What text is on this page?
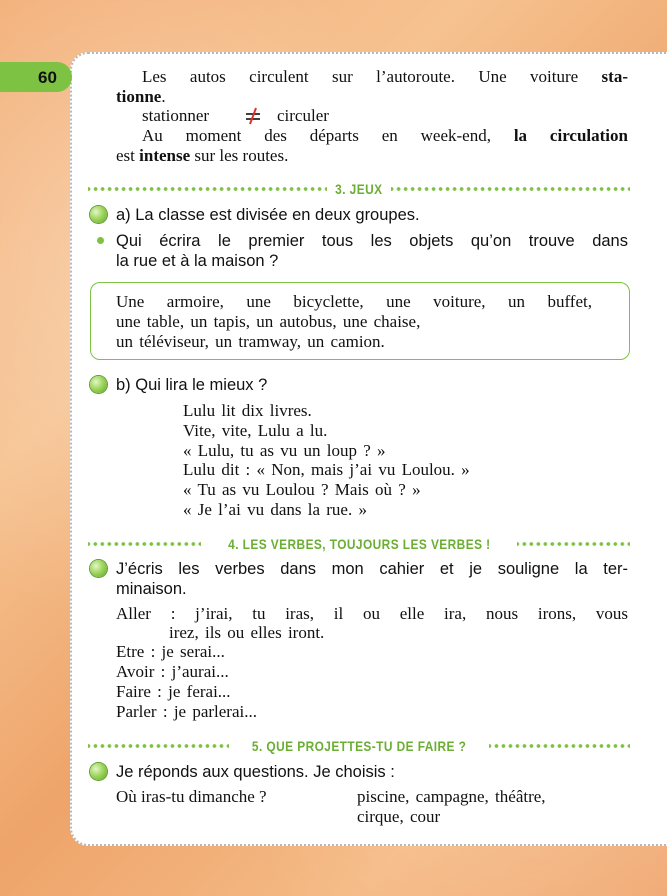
60	Les autos circulent sur l’autoroute. Une voiture sta-
tionne.
stationner	circuler
Au moment des départs en week-end, la circulation
est intense sur les routes.
3. JEUX
a) La classe est divisée en deux groupes.
Qui écrira le premier tous les objets qu’on trouve dans
la rue et à la maison ?
Une armoire, une bicyclette, une voiture, un buffet,
une table, un tapis, un autobus, une chaise,
un téléviseur, un tramway, un camion.
b) Qui lira le mieux ?
Lulu lit dix livres.
Vite, vite, Lulu a lu.
« Lulu, tu as vu un loup ? »
Lulu dit : « Non, mais j’ai vu Loulou. »
« Tu as vu Loulou ? Mais où ? »
« Je l’ai vu dans la rue. »
4. LES VERBES, TOUJOURS LES VERBES !
J’écris les verbes dans mon cahier et je souligne la ter-
minaison.
Aller : j’irai, tu iras, il ou elle ira, nous irons, vous
irez, ils ou elles iront.
Etre : je serai...
Avoir : j’aurai...
Faire : je ferai...
Parler : je parlerai...
5. QUE PROJETTES-TU DE FAIRE ?
Je réponds aux questions. Je choisis :
Où iras-tu dimanche ?	piscine, campagne, théâtre,
cirque, cour
